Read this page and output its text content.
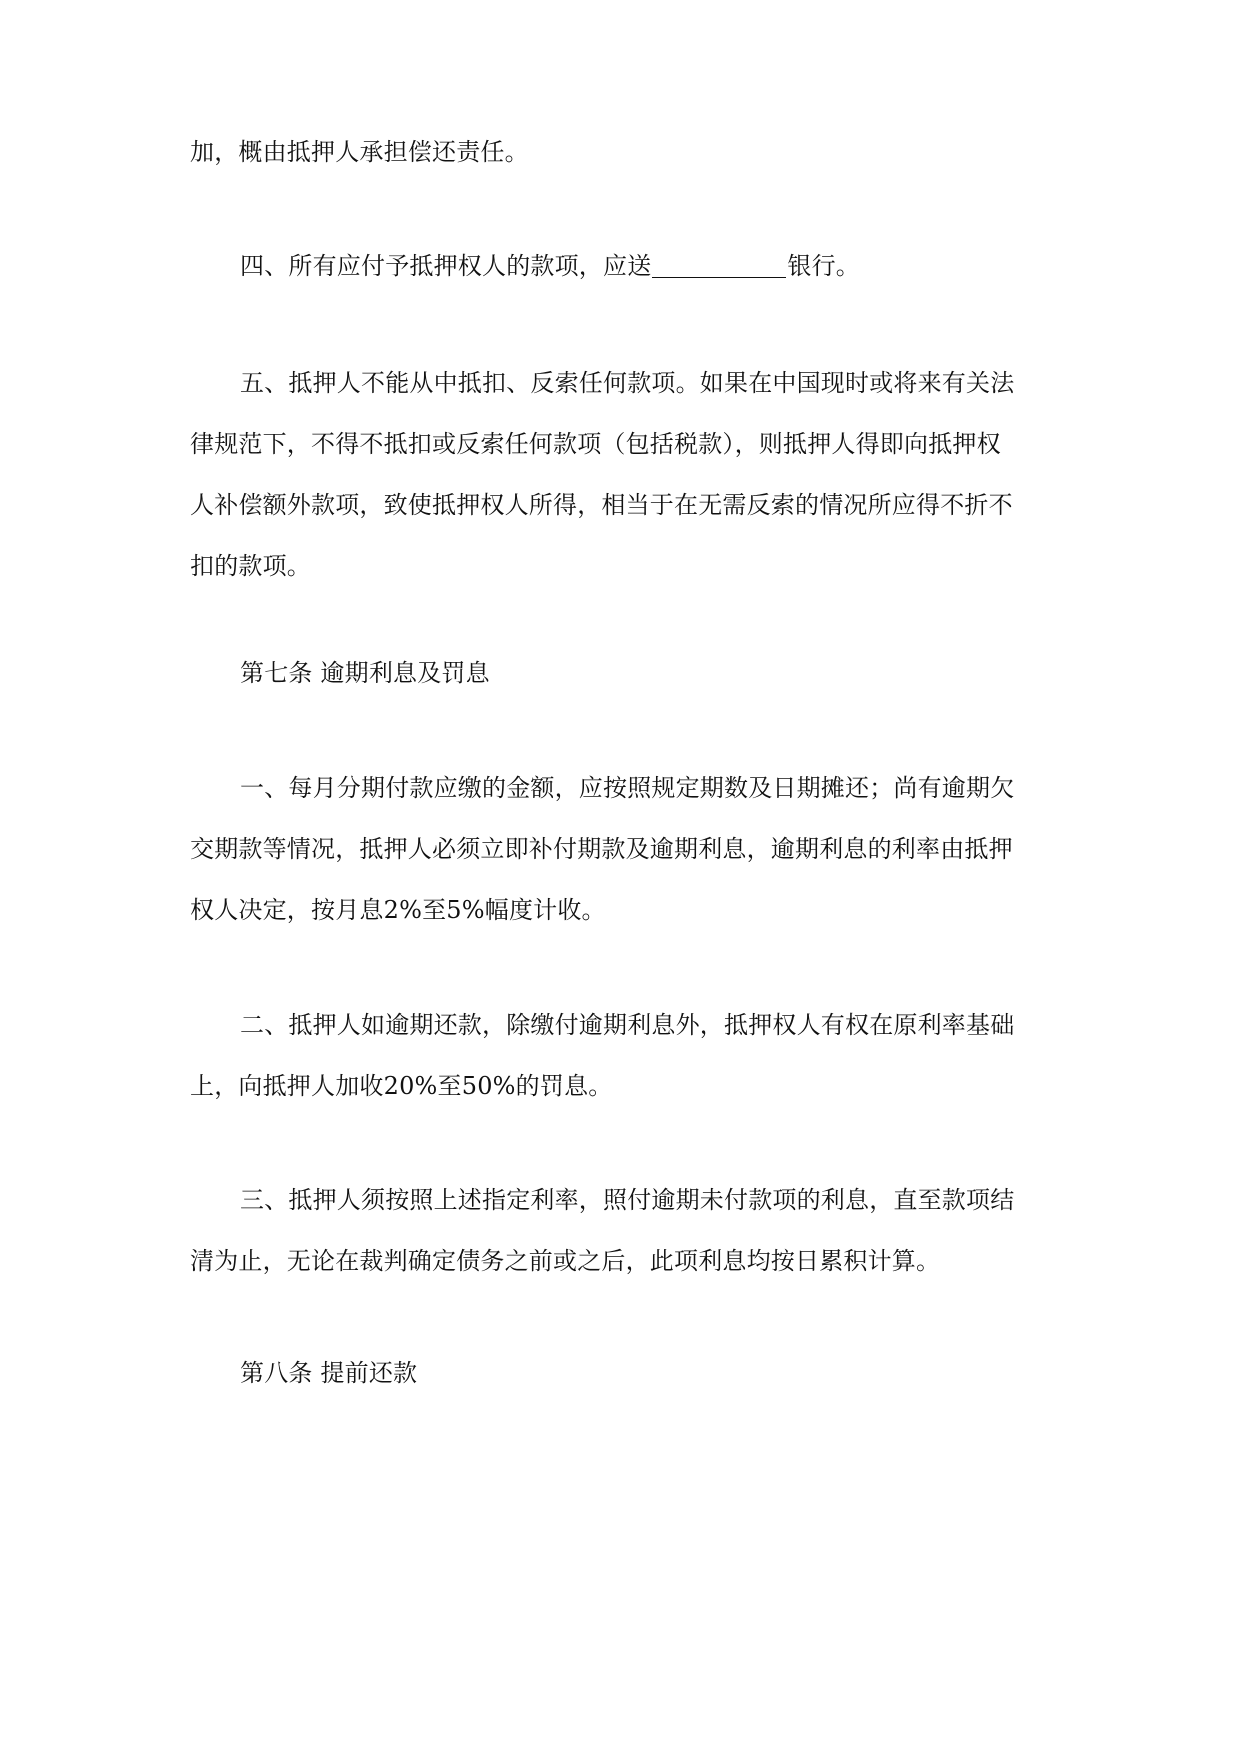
加，概由抵押人承担偿还责任。
四、所有应付予抵押权人的款项，应送	银行。
五、抵押人不能从中抵扣、反索任何款项。如果在中国现时或将来有关法
律规范下，不得不抵扣或反索任何款项（包括税款），则抵押人得即向抵押权
人补偿额外款项，致使抵押权人所得，相当于在无需反索的情况所应得不折不
扣的款项。
第七条 逾期利息及罚息
一、每月分期付款应缴的金额，应按照规定期数及日期摊还；尚有逾期欠
交期款等情况，抵押人必须立即补付期款及逾期利息，逾期利息的利率由抵押
权人决定，按月息2%至5%幅度计收。
二、抵押人如逾期还款，除缴付逾期利息外，抵押权人有权在原利率基础
上，向抵押人加收20%至50%的罚息。
三、抵押人须按照上述指定利率，照付逾期未付款项的利息，直至款项结
清为止，无论在裁判确定债务之前或之后，此项利息均按日累积计算。
第八条 提前还款
